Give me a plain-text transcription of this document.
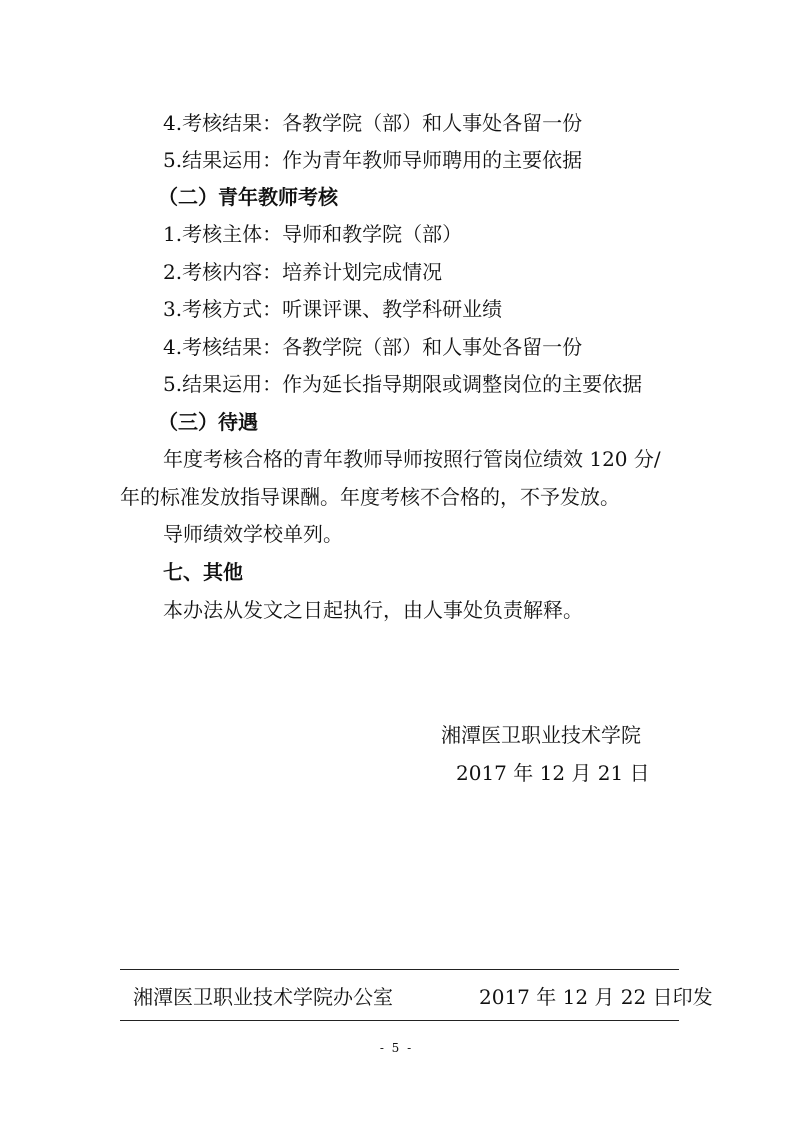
4.考核结果：各教学院（部）和人事处各留一份
5.结果运用：作为青年教师导师聘用的主要依据
（二）青年教师考核
1.考核主体：导师和教学院（部）
2.考核内容：培养计划完成情况
3.考核方式：听课评课、教学科研业绩
4.考核结果：各教学院（部）和人事处各留一份
5.结果运用：作为延长指导期限或调整岗位的主要依据
（三）待遇
年度考核合格的青年教师导师按照行管岗位绩效 120 分/
年的标准发放指导课酬。年度考核不合格的，不予发放。
导师绩效学校单列。
七、其他
本办法从发文之日起执行，由人事处负责解释。
湘潭医卫职业技术学院
2017 年 12 月 21 日
湘潭医卫职业技术学院办公室	2017 年 12 月 22 日印发
- 5 -
